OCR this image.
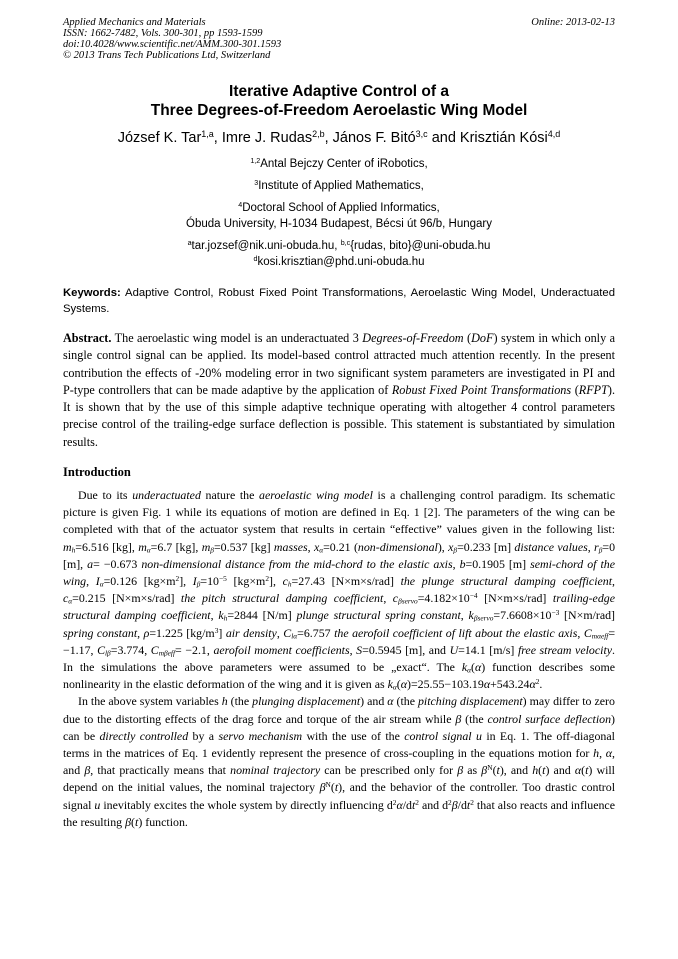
Applied Mechanics and Materials
ISSN: 1662-7482, Vols. 300-301, pp 1593-1599
doi:10.4028/www.scientific.net/AMM.300-301.1593
© 2013 Trans Tech Publications Ltd, Switzerland
Online: 2013-02-13
Iterative Adaptive Control of a
Three Degrees-of-Freedom Aeroelastic Wing Model
József K. Tar$^{1,a}$, Imre J. Rudas$^{2,b}$, János F. Bitó$^{3,c}$ and Krisztián Kósi$^{4,d}$
$^{1,2}$Antal Bejczy Center of iRobotics,
$^3$Institute of Applied Mathematics,
$^4$Doctoral School of Applied Informatics,
Óbuda University, H-1034 Budapest, Bécsi út 96/b, Hungary
$^a$tar.jozsef@nik.uni-obuda.hu, $^{b,c}${rudas, bito}@uni-obuda.hu
$^d$kosi.krisztian@phd.uni-obuda.hu
Keywords: Adaptive Control, Robust Fixed Point Transformations, Aeroelastic Wing Model, Underactuated Systems.
Abstract. The aeroelastic wing model is an underactuated 3 Degrees-of-Freedom (DoF) system in which only a single control signal can be applied. Its model-based control attracted much attention recently. In the present contribution the effects of -20% modeling error in two significant system parameters are investigated in PI and P-type controllers that can be made adaptive by the application of Robust Fixed Point Transformations (RFPT). It is shown that by the use of this simple adaptive technique operating with altogether 4 control parameters precise control of the trailing-edge surface deflection is possible. This statement is substantiated by simulation results.
Introduction

Due to its underactuated nature the aeroelastic wing model is a challenging control paradigm. Its schematic picture is given Fig. 1 while its equations of motion are defined in Eq. 1 [2]. The parameters of the wing can be completed with that of the actuator system that results in certain “effective” values given in the following list: $m_h=6.516$ [kg], $m_\alpha=6.7$ [kg], $m_\beta=0.537$ [kg] masses, $x_\alpha=0.21$ (non-dimensional), $x_\beta=0.233$ [m] distance values, $r_\beta=0$ [m], a= −0.673 non-dimensional distance from the mid-chord to the elastic axis, b=0.1905 [m] semi-chord of the wing, $I_\alpha=0.126$ $[kg\times m^2]$, $I_\beta=10^{-5}$ $[kg\times m^2]$, $c_h=27.43$ [N×m×s/rad] the plunge structural damping coefficient, $c_\alpha=0.215$ [N×m×s/rad] the pitch structural damping coefficient, $c_{\beta servo}=4.182\times 10^{-4}$ [N×m×s/rad] trailing-edge structural damping coefficient, $k_h=2844$ [N/m] plunge structural spring constant, $k_{\beta servo}=7.6608\times 10^{-3}$ [N×m/rad] spring constant, ρ=1.225 $[kg/m^3]$ air density, $C_{l\alpha}=6.757$ the aerofoil coefficient of lift about the elastic axis, $C_{m\alpha eff}= -1.17$, $C_{l\beta}=3.774$, $C_{m\beta eff}= -2.1$, aerofoil moment coefficients, S=0.5945 [m], and U=14.1 [m/s] free stream velocity. In the simulations the above parameters were assumed to be „exact“. The $k_\alpha(\alpha)$ function describes some nonlinearity in the elastic deformation of the wing and it is given as $k_\alpha(\alpha)=25.55-103.19\alpha+543.24\alpha^2$.

In the above system variables h (the plunging displacement) and α (the pitching displacement) may differ to zero due to the distorting effects of the drag force and torque of the air stream while β (the control surface deflection) can be directly controlled by a servo mechanism with the use of the control signal u in Eq. 1. The off-diagonal terms in the matrices of Eq. 1 evidently represent the presence of cross-coupling in the equations motion for h, α, and β, that practically means that nominal trajectory can be prescribed only for β as $\beta^N(t)$, and h(t) and α(t) will depend on the initial values, the nominal trajectory $\beta^N(t)$, and the behavior of the controller. Too drastic control signal u inevitably excites the whole system by directly influencing $d^2\alpha/dt^2$ and $d^2\beta/dt^2$ that also reacts and influence the resulting β(t) function.
